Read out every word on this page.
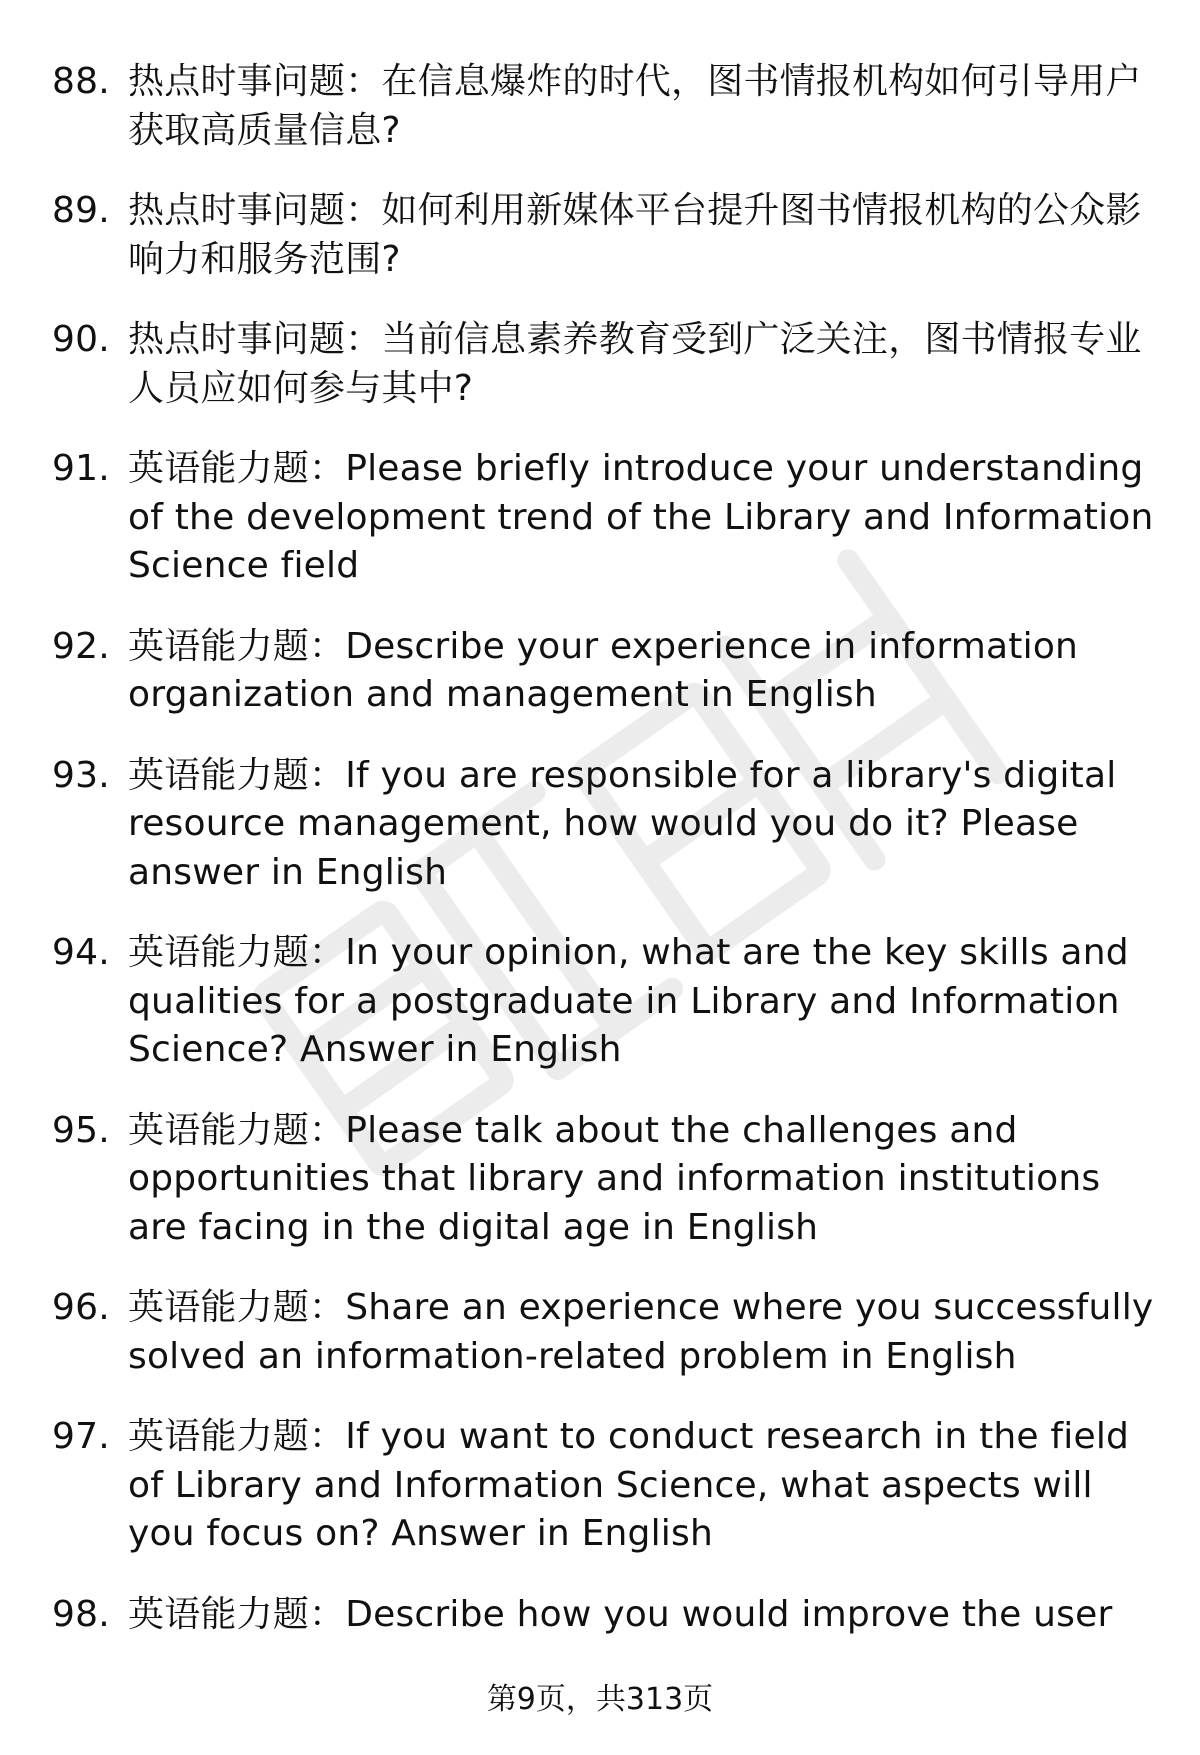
88. 热点时事问题：在信息爆炸的时代，图书情报机构如何引导用户获取高质量信息?
89. 热点时事问题：如何利用新媒体平台提升图书情报机构的公众影响力和服务范围?
90. 热点时事问题：当前信息素养教育受到广泛关注，图书情报专业人员应如何参与其中?
91. 英语能力题：Please briefly introduce your understanding of the development trend of the Library and Information Science field
92. 英语能力题：Describe your experience in information organization and management in English
93. 英语能力题：If you are responsible for a library's digital resource management, how would you do it? Please answer in English
94. 英语能力题：In your opinion, what are the key skills and qualities for a postgraduate in Library and Information Science? Answer in English
95. 英语能力题：Please talk about the challenges and opportunities that library and information institutions are facing in the digital age in English
96. 英语能力题：Share an experience where you successfully solved an information-related problem in English
97. 英语能力题：If you want to conduct research in the field of Library and Information Science, what aspects will you focus on? Answer in English
98. 英语能力题：Describe how you would improve the user
第9页，共313页
